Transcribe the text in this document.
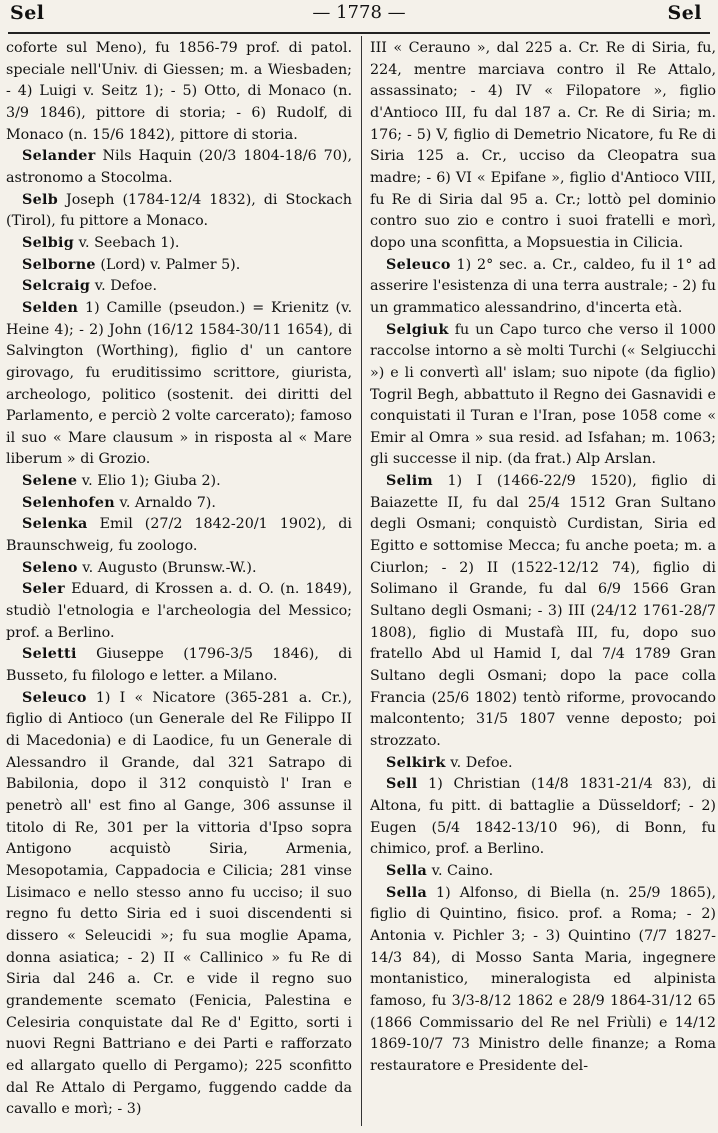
Sel	— 1778 —	Sel

coforte sul Meno), fu 1856-79 prof. di patol. speciale nell'Univ. di Giessen; m. a Wiesbaden; - 4) Luigi v. Seitz 1); - 5) Otto, di Monaco (n. 3/9 1846), pittore di storia; - 6) Rudolf, di Monaco (n. 15/6 1842), pittore di storia.

Selander Nils Haquin (20/3 1804-18/6 70), astronomo a Stocolma.

Selb Joseph (1784-12/4 1832), di Stockach (Tirol), fu pittore a Monaco.

Selbig v. Seebach 1).

Selborne (Lord) v. Palmer 5).

Selcraig v. Defoe.

Selden 1) Camille (pseudon.) = Krienitz (v. Heine 4); - 2) John (16/12 1584-30/11 1654), di Salvington (Worthing), figlio d' un cantore girovago, fu eruditissimo scrittore, giurista, archeologo, politico (sostenit. dei diritti del Parlamento, e perciò 2 volte carcerato); famoso il suo « Mare clausum » in risposta al « Mare liberum » di Grozio.

Selene v. Elio 1); Giuba 2).

Selenhofen v. Arnaldo 7).

Selenka Emil (27/2 1842-20/1 1902), di Braunschweig, fu zoologo.

Seleno v. Augusto (Brunsw.-W.).

Seler Eduard, di Krossen a. d. O. (n. 1849), studiò l'etnologia e l'archeologia del Messico; prof. a Berlino.

Seletti Giuseppe (1796-3/5 1846), di Busseto, fu filologo e letter. a Milano.

Seleuco 1) I « Nicatore (365-281 a. Cr.), figlio di Antioco (un Generale del Re Filippo II di Macedonia) e di Laodice, fu un Generale di Alessandro il Grande, dal 321 Satrapo di Babilonia, dopo il 312 conquistò l' Iran e penetrò all' est fino al Gange, 306 assunse il titolo di Re, 301 per la vittoria d'Ipso sopra Antigono acquistò Siria, Armenia, Mesopotamia, Cappadocia e Cilicia; 281 vinse Lisimaco e nello stesso anno fu ucciso; il suo regno fu detto Siria ed i suoi discendenti si dissero « Seleucidi »; fu sua moglie Apama, donna asiatica; - 2) II « Callinico » fu Re di Siria dal 246 a. Cr. e vide il regno suo grandemente scemato (Fenicia, Palestina e Celesiria conquistate dal Re d' Egitto, sorti i nuovi Regni Battriano e dei Parti e rafforzato ed allargato quello di Pergamo); 225 sconfitto dal Re Attalo di Pergamo, fuggendo cadde da cavallo e morì; - 3)

III « Cerauno », dal 225 a. Cr. Re di Siria, fu, 224, mentre marciava contro il Re Attalo, assassinato; - 4) IV « Filopatore », figlio d'Antioco III, fu dal 187 a. Cr. Re di Siria; m. 176; - 5) V, figlio di Demetrio Nicatore, fu Re di Siria 125 a. Cr., ucciso da Cleopatra sua madre; - 6) VI « Epifane », figlio d'Antioco VIII, fu Re di Siria dal 95 a. Cr.; lottò pel dominio contro suo zio e contro i suoi fratelli e morì, dopo una sconfitta, a Mopsuestia in Cilicia.

Seleuco 1) 2° sec. a. Cr., caldeo, fu il 1° ad asserire l'esistenza di una terra australe; - 2) fu un grammatico alessandrino, d'incerta età.

Selgiuk fu un Capo turco che verso il 1000 raccolse intorno a sè molti Turchi (« Selgiucchi ») e li convertì all' islam; suo nipote (da figlio) Togril Begh, abbattuto il Regno dei Gasnavidi e conquistati il Turan e l'Iran, pose 1058 come « Emir al Omra » sua resid. ad Isfahan; m. 1063; gli successe il nip. (da frat.) Alp Arslan.

Selim 1) I (1466-22/9 1520), figlio di Baiazette II, fu dal 25/4 1512 Gran Sultano degli Osmani; conquistò Curdistan, Siria ed Egitto e sottomise Mecca; fu anche poeta; m. a Ciurlon; - 2) II (1522-12/12 74), figlio di Solimano il Grande, fu dal 6/9 1566 Gran Sultano degli Osmani; - 3) III (24/12 1761-28/7 1808), figlio di Mustafà III, fu, dopo suo fratello Abd ul Hamid I, dal 7/4 1789 Gran Sultano degli Osmani; dopo la pace colla Francia (25/6 1802) tentò riforme, provocando malcontento; 31/5 1807 venne deposto; poi strozzato.

Selkirk v. Defoe.

Sell 1) Christian (14/8 1831-21/4 83), di Altona, fu pitt. di battaglie a Düsseldorf; - 2) Eugen (5/4 1842-13/10 96), di Bonn, fu chimico, prof. a Berlino.

Sella v. Caino.

Sella 1) Alfonso, di Biella (n. 25/9 1865), figlio di Quintino, fisico. prof. a Roma; - 2) Antonia v. Pichler 3; - 3) Quintino (7/7 1827-14/3 84), di Mosso Santa Maria, ingegnere montanistico, mineralogista ed alpinista famoso, fu 3/3-8/12 1862 e 28/9 1864-31/12 65 (1866 Commissario del Re nel Friùli) e 14/12 1869-10/7 73 Ministro delle finanze; a Roma restauratore e Presidente del-
